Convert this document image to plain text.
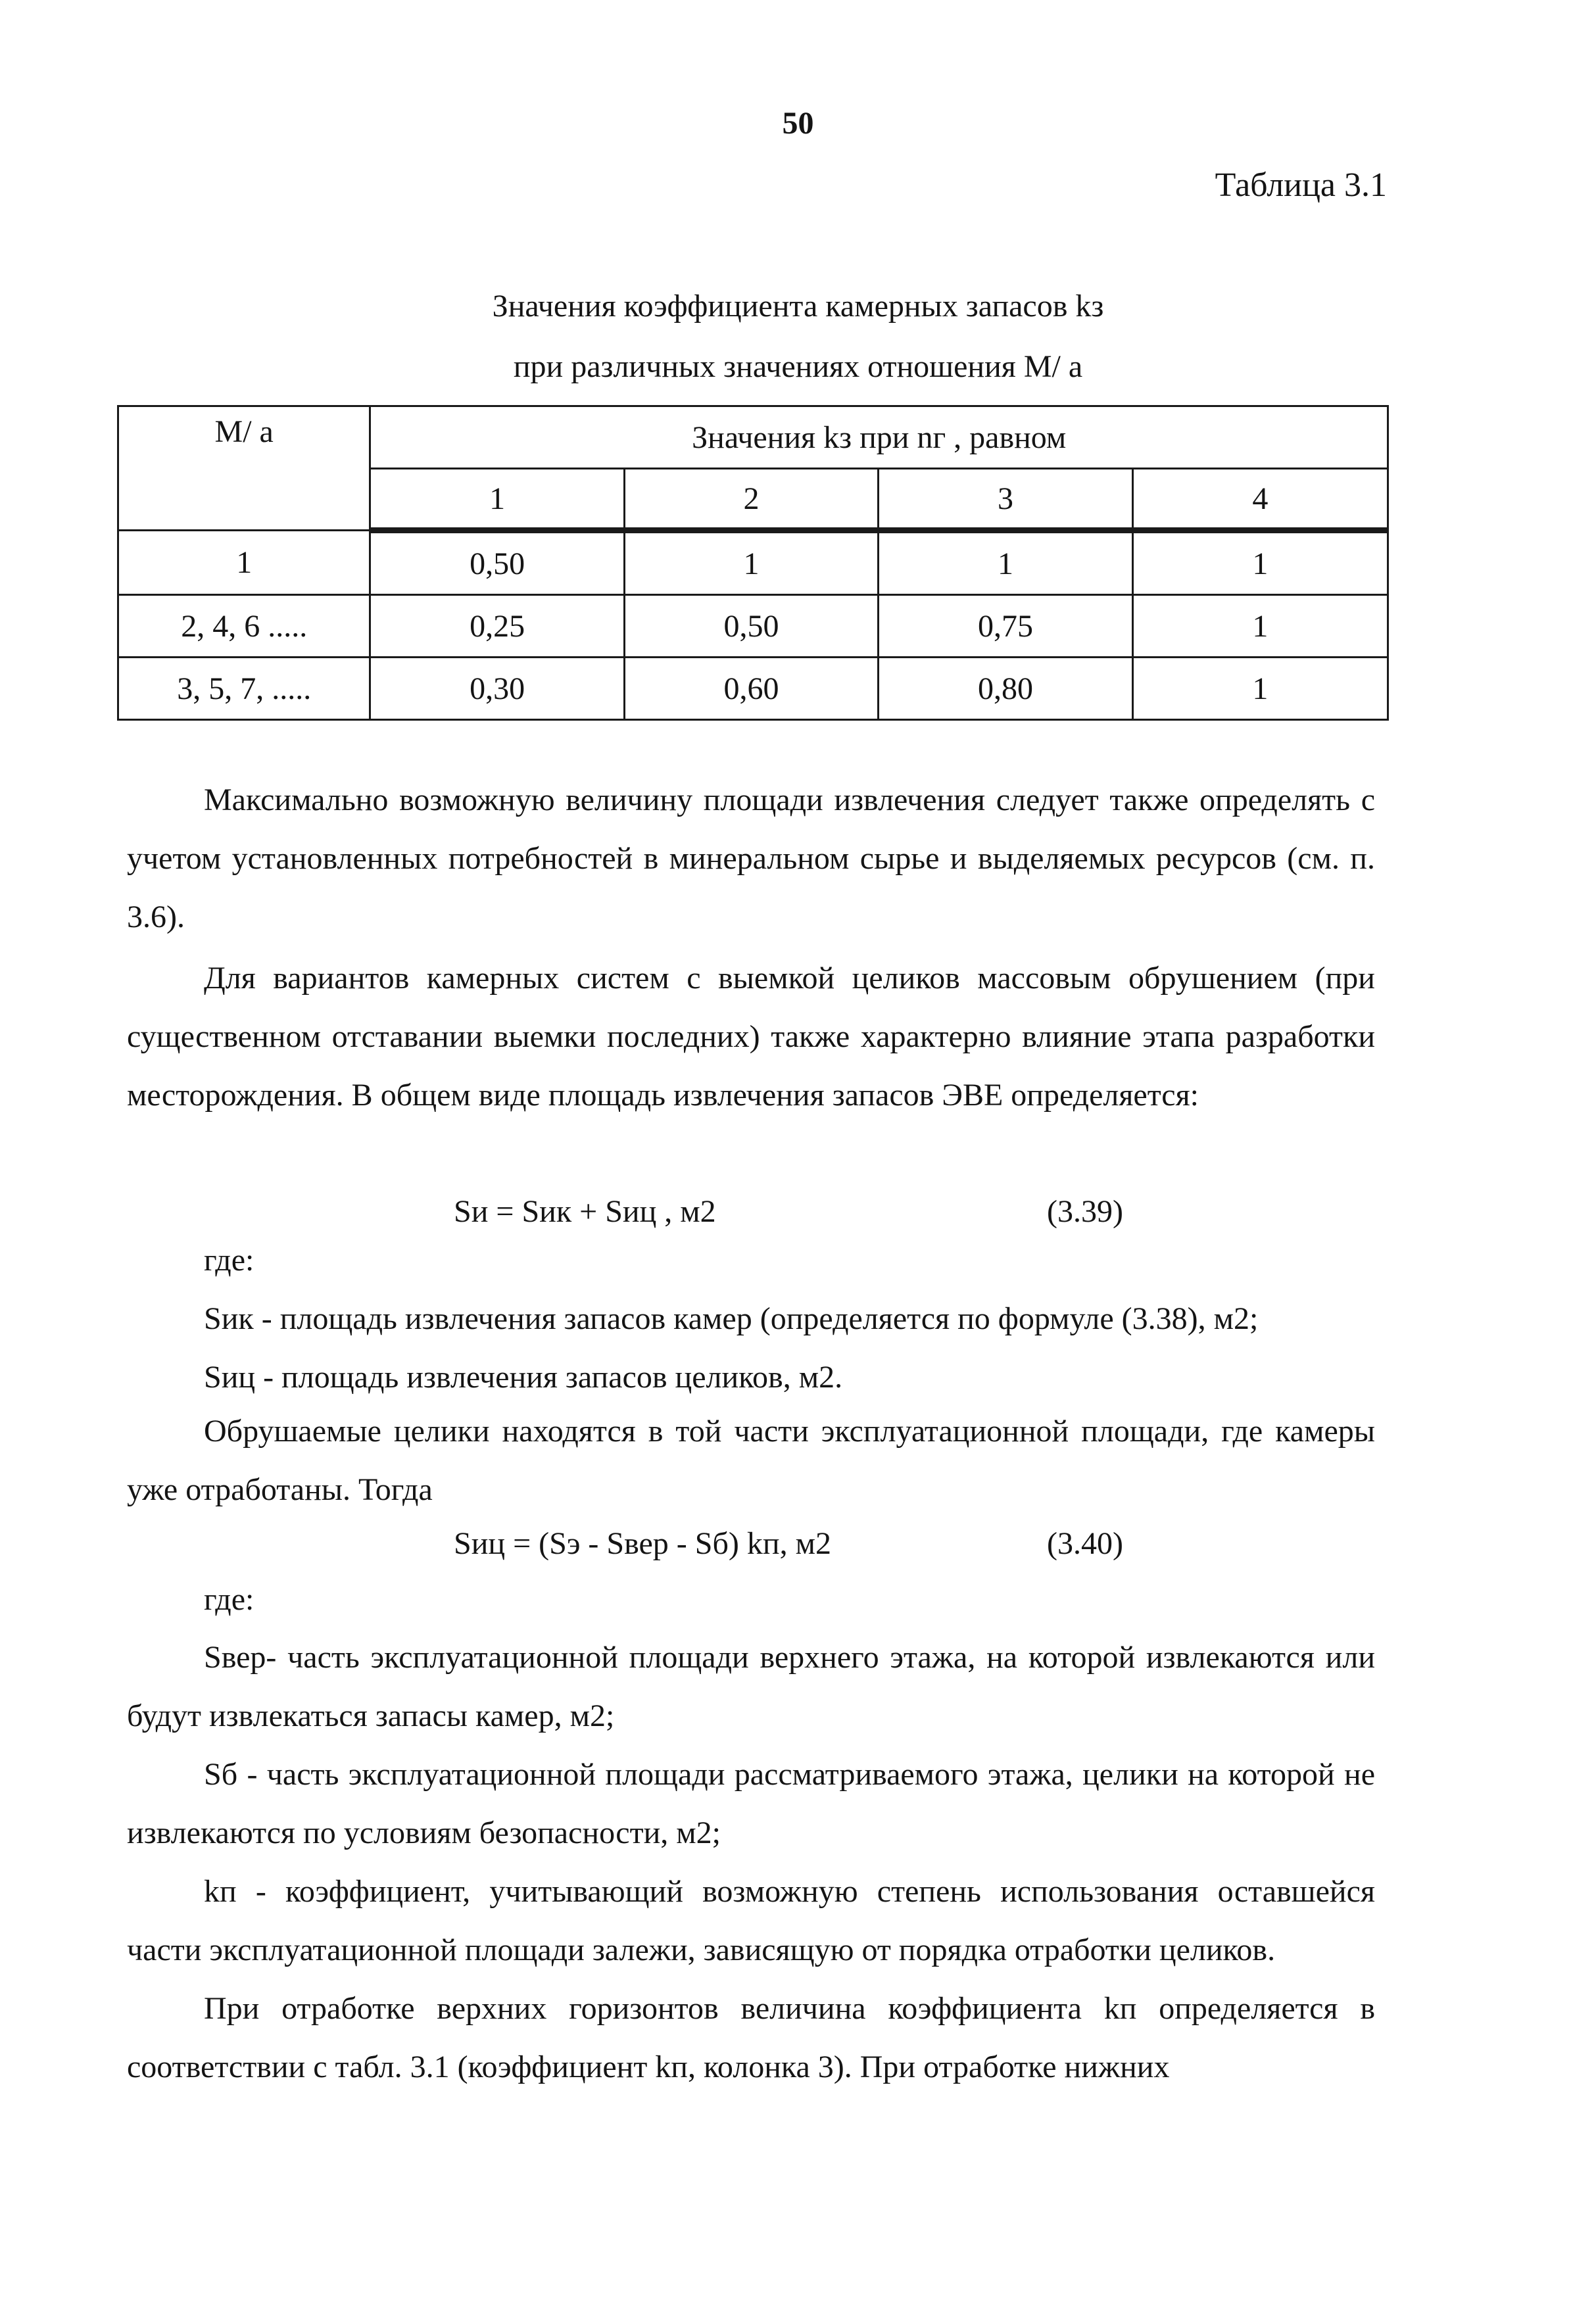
50
Таблица 3.1
Значения коэффициента камерных запасов kз
при различных значениях отношения М/ а
М/ а	Значения kз при nг , равном			
	1	2	3	4
1	0,50	1	1	1
2, 4, 6 .....	0,25	0,50	0,75	1
3, 5, 7, .....	0,30	0,60	0,80	1

Максимально возможную величину площади извлечения следует также определять с учетом установленных потребностей в минеральном сырье и выделяемых ресурсов (см. п. 3.6).

Для вариантов камерных систем с выемкой целиков массовым обрушением (при существенном отставании выемки последних) также характерно влияние этапа разработки месторождения. В общем виде площадь извлечения запасов ЭВЕ определяется:

Sи = Sик + Sиц , м2	(3.39)

где:

Sик - площадь извлечения запасов камер (определяется по формуле (3.38), м2;

Sиц - площадь извлечения запасов целиков, м2.

Обрушаемые целики находятся в той части эксплуатационной площади, где камеры уже отработаны. Тогда

Sиц = (Sэ - Sвер - Sб) kп, м2	(3.40)

где:

Sвер- часть эксплуатационной площади верхнего этажа, на которой извлекаются или будут извлекаться запасы камер, м2;

Sб - часть эксплуатационной площади рассматриваемого этажа, целики на которой не извлекаются по условиям безопасности, м2;

kп - коэффициент, учитывающий возможную степень использования оставшейся части эксплуатационной площади залежи, зависящую от порядка отработки целиков.

При отработке верхних горизонтов величина коэффициента kп определяется в соответствии с табл. 3.1 (коэффициент kп, колонка 3). При отработке нижних
